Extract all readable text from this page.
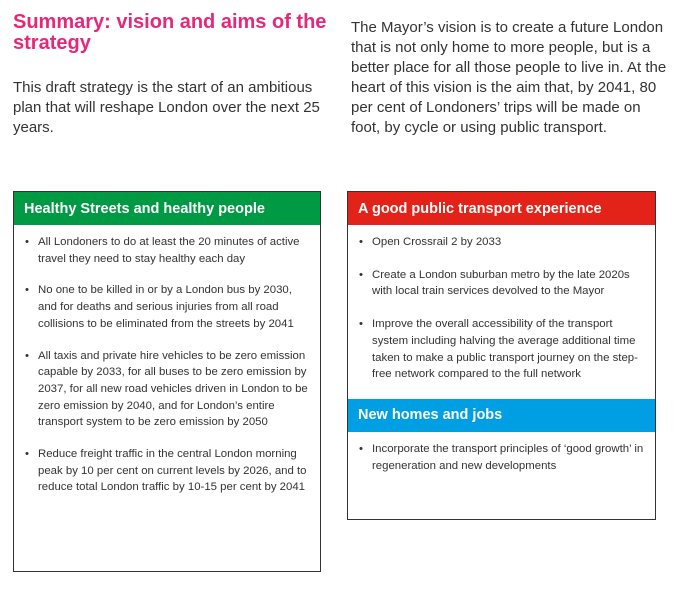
Summary: vision and aims of the strategy

This draft strategy is the start of an ambitious plan that will reshape London over the next 25 years.

The Mayor’s vision is to create a future London that is not only home to more people, but is a better place for all those people to live in. At the heart of this vision is the aim that, by 2041, 80 per cent of Londoners’ trips will be made on foot, by cycle or using public transport.

Healthy Streets and healthy people
• All Londoners to do at least the 20 minutes of active travel they need to stay healthy each day
• No one to be killed in or by a London bus by 2030, and for deaths and serious injuries from all road collisions to be eliminated from the streets by 2041
• All taxis and private hire vehicles to be zero emission capable by 2033, for all buses to be zero emission by 2037, for all new road vehicles driven in London to be zero emission by 2040, and for London’s entire transport system to be zero emission by 2050
• Reduce freight traffic in the central London morning peak by 10 per cent on current levels by 2026, and to reduce total London traffic by 10-15 per cent by 2041
A good public transport experience
• Open Crossrail 2 by 2033
• Create a London suburban metro by the late 2020s with local train services devolved to the Mayor
• Improve the overall accessibility of the transport system including halving the average additional time taken to make a public transport journey on the step-free network compared to the full network
New homes and jobs
• Incorporate the transport principles of ‘good growth’ in regeneration and new developments
